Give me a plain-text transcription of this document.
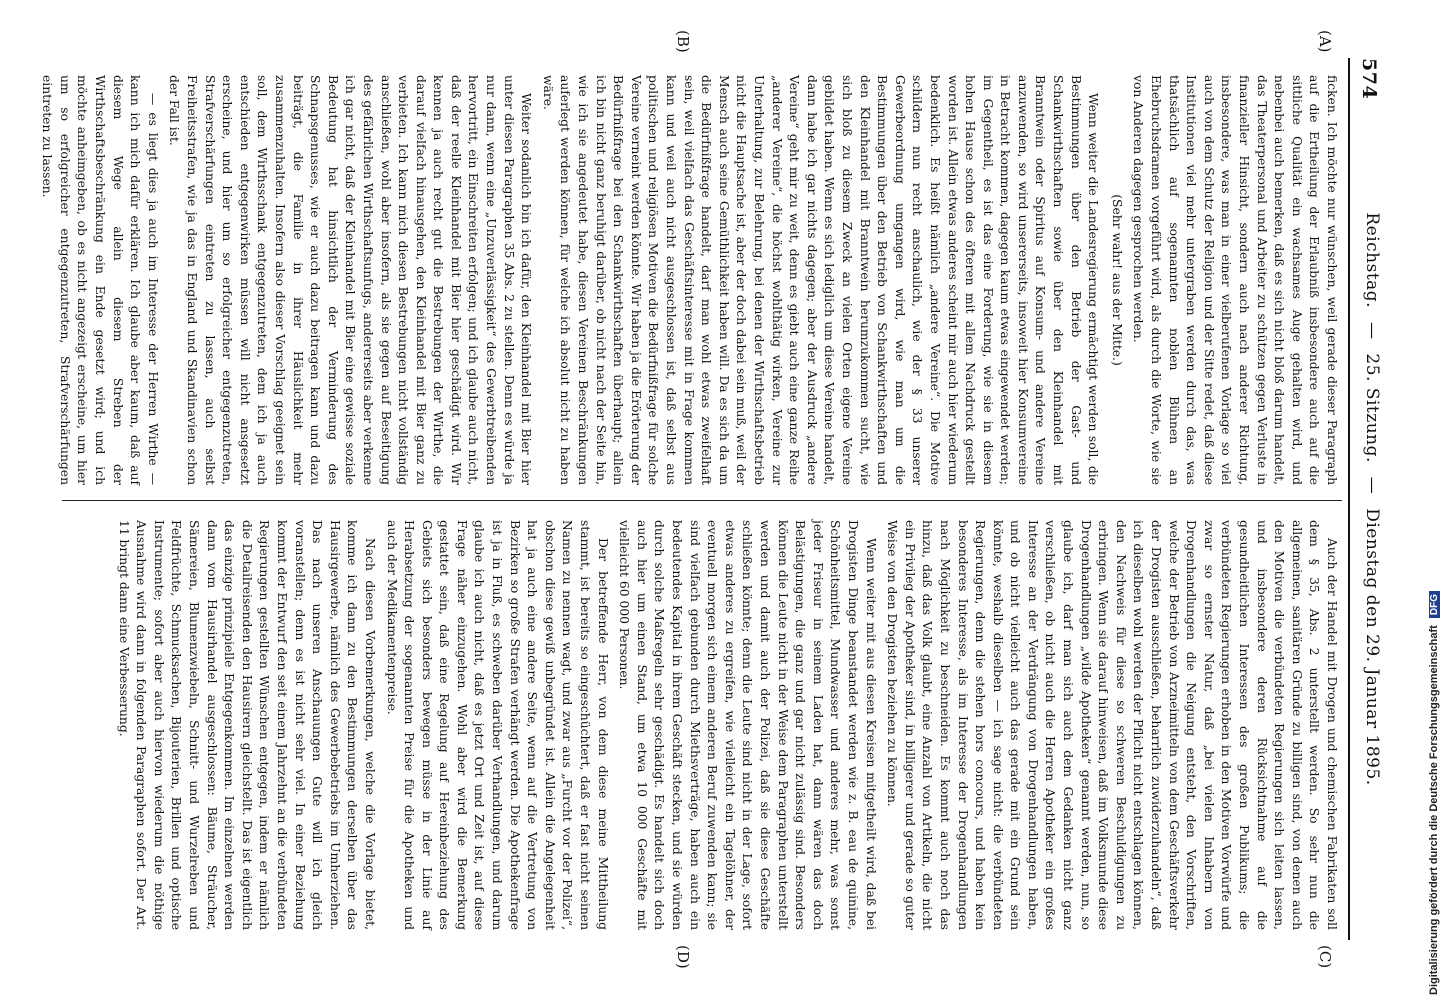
574
Reichstag. — 25. Sitzung. — Dienstag den 29. Januar 1895.
(A)
(B)
(C)
(D)

ficken. Ich möchte nur wünschen, weil gerade dieser Paragraph auf die Ertheilung der Erlaubniß insbesondere auch auf die sittliche Qualität ein wachsames Auge gehalten wird, und nebenbei auch bemerken, daß es sich nicht bloß darum handelt, das Theaterpersonal und Arbeiter zu schützen gegen Verluste in finanzieller Hinsicht, sondern auch nach anderer Richtung, insbesondere, was man in einer vielberufenen Vorlage so viel auch von dem Schutz der Religion und der Sitte redet, daß diese Institutionen viel mehr untergraben werden durch das, was thatsächlich auf sogenannten noblen Bühnen an Ehebruchsdramen vorgeführt wird, als durch die Worte, wie sie von Anderen dagegen gesprochen werden.

(Sehr wahr! aus der Mitte.)

Wenn weiter die Landesregierung ermächtigt werden soll, die Bestimmungen über den Betrieb der Gast- und Schankwirthschaften sowie über den Kleinhandel mit Branntwein oder Spiritus auf Konsum- und andere Vereine anzuwenden, so wird unsererseits, insoweit hier Konsumvereine in Betracht kommen, dagegen kaum etwas eingewendet werden; im Gegentheil, es ist das eine Forderung, wie sie in diesem hohen Hause schon des öfteren mit allem Nachdruck gestellt worden ist. Allein etwas anderes scheint mir auch hier wiederum bedenklich. Es heißt nämlich „andere Vereine“. Die Motive schildern nun recht anschaulich, wie der § 33 unserer Gewerbeordnung umgangen wird, wie man um die Bestimmungen über den Betrieb von Schankwirthschaften und den Kleinhandel mit Branntwein herumzukommen sucht, wie sich bloß zu diesem Zweck an vielen Orten eigene Vereine gebildet haben. Wenn es sich lediglich um diese Vereine handelt, dann habe ich gar nichts dagegen; aber der Ausdruck „andere Vereine“ geht mir zu weit, denn es giebt auch eine ganze Reihe „anderer Vereine“, die höchst wohlthätig wirken, Vereine zur Unterhaltung, zur Belehrung, bei denen der Wirthschaftsbetrieb nicht die Hauptsache ist, aber der doch dabei sein muß, weil der Mensch auch seine Gemüthlichkeit haben will. Da es sich da um die Bedürfnißfrage handelt, darf man wohl etwas zweifelhaft sein, weil vielfach das Geschäftsinteresse mit in Frage kommen kann und weil auch nicht ausgeschlossen ist, daß selbst aus politischen und religiösen Motiven die Bedürfnißfrage für solche Vereine verneint werden könnte. Wir haben ja die Erörterung der Bedürfnißfrage bei den Schankwirthschaften überhaupt; allein ich bin nicht ganz beruhigt darüber, ob nicht nach der Seite hin, wie ich sie angedeutet habe, diesen Vereinen Beschränkungen auferlegt werden können, für welche ich absolut nicht zu haben wäre.

Weiter sodanlich bin ich dafür, den Kleinhandel mit Bier hier unter diesen Paragraphen 35 Abs. 2 zu stellen. Denn es würde ja nur dann, wenn eine „Unzuverlässigkeit“ des Gewerbtreibenden hervortritt, ein Einschreiten erfolgen; und ich glaube auch nicht, daß der reelle Kleinhandel mit Bier hier geschädigt wird. Wir kennen ja auch recht gut die Bestrebungen der Wirthe, die darauf vielfach hinausgehen, den Kleinhandel mit Bier ganz zu verbieten. Ich kann mich diesen Bestrebungen nicht vollständig anschließen, wohl aber insofern, als sie gegen auf Beseitigung des gefährlichen Wirthschaftsunfugs, andererseits aber verkenne ich gar nicht, daß der Kleinhandel mit Bier eine gewisse soziale Bedeutung hat hinsichtlich der Verminderung des Schnapsgenusses, wie er auch dazu beitragen kann und dazu beiträgt, die Familie in ihrer Häuslichkeit mehr zusammenzuhalten. Insofern also dieser Vorschlag geeignet sein soll, dem Wirthsschank entgegenzutreten, dem ich ja auch entschieden entgegenwirken müssen will nicht ansgesetzt erscheine, und hier um so erfolgreicher entgegenzutreten, Strafverschärfungen eintreten zu lassen, auch selbst Freiheitsstrafen, wie ja das in England und Skandinavien schon der Fall ist.

— es liegt dies ja auch im Interesse der Herren Wirthe — kann ich mich dafür erklären. Ich glaube aber kaum, daß auf diesem Wege allein diesem Streben der Wirthschaftsbeschränkung ein Ende gesetzt wird; und ich möchte anheimgeben, ob es nicht angezeigt erscheine, um hier um so erfolgreicher entgegenzutreten, Strafverschärfungen eintreten zu lassen.

Auch der Handel mit Drogen und chemischen Fabrikaten soll dem § 35, Abs. 2 unterstellt werden. So sehr nun die allgemeinen, sanitären Gründe zu billigen sind, von denen auch den Motiven die verbündeten Regierungen sich leiten lassen, und insbesondere deren Rücksichtnahme auf die gesundheitlichen Interessen des großen Publikums; die verbündeten Regierungen erhoben in den Motiven Vorwürfe und zwar so ernster Natur, daß „bei vielen Inhabern von Drogenhandlungen die Neigung entsteht, den Vorschriften, welche der Betrieb von Arzneimitteln von dem Geschäftsverkehr der Drogisten ausschließen, beharrlich zuwiderzuhandeln“, daß ich dieselben wohl werden der Pflicht nicht entschlagen können, den Nachweis für diese so schweren Beschuldigungen zu erbringen. Wenn sie darauf hinweisen, daß im Volksmunde diese Drogenhandlungen „wilde Apotheken“ genannt werden, nun, so glaube ich, darf man sich auch dem Gedanken nicht ganz verschließen, ob nicht auch die Herren Apotheker ein großes Interesse an der Verdrängung von Drogenhandlungen haben, und ob nicht vielleicht auch das gerade mit ein Grund sein könnte, weshalb dieselben — ich sage nicht: die verbündeten Regierungen, denn die stehen hors concours, und haben kein besonderes Interesse, als im Interesse der Drogenhandlungen nach Möglichkeit zu beschneiden. Es kommt auch noch das hinzu, daß das Volk glaubt, eine Anzahl von Artikeln, die nicht ein Privileg der Apotheker sind, in billigerer und gerade so guter Weise von den Drogisten beziehen zu können.

Wenn weiter mit aus diesen Kreisen mitgetheilt wird, daß bei Drogisten Dinge beanstandet werden wie z. B. eau de quinine, Schönheitsmittel, Mundwasser und anderes mehr, was sonst jeder Friseur in seinem Laden hat, dann wären das doch Belästigungen, die ganz und gar nicht zulässig sind. Besonders können die Leute nicht in der Weise dem Paragraphen unterstellt werden und damit auch der Polizei, daß sie diese Geschäfte schließen könnte; denn die Leute sind nicht in der Lage, sofort etwas anderes zu ergreifen, wie vielleicht ein Tagelöhner, der eventuell morgen sich einem anderen Beruf zuwenden kann; sie sind vielfach gebunden durch Miethsverträge, haben auch ein bedeutendes Kapital in ihrem Geschäft stecken, und sie würden durch solche Maßregeln sehr geschädigt. Es handelt sich doch auch hier um einen Stand, um etwa 10 000 Geschäfte mit vielleicht 60 000 Personen.

Der betreffende Herr, von dem diese meine Mittheilung stammt, ist bereits so eingeschüchtert, daß er fast nicht seinen Namen zu nennen wagt, und zwar aus „Furcht vor der Polizei“, obschon diese gewiß unbegründet ist. Allein die Angelegenheit hat ja auch eine andere Seite, wenn auf die Vertretung von Bezirken so große Strafen verhängt werden. Die Apothekenfrage ist ja in Fluß, es schweben darüber Verhandlungen, und darum glaube ich auch nicht, daß es jetzt Ort und Zeit ist, auf diese Frage näher einzugehen. Wohl aber wird die Bemerkung gestattet sein, daß eine Regelung auf Hereinbeziehung des Gebiets sich besonders bewegen müsse in der Linie auf Herabsetzung der sogenannten Preise für die Apotheken und auch der Medikamentenpreise.

Nach diesen Vorbemerkungen, welche die Vorlage bietet, komme ich dann zu den Bestimmungen derselben über das Hausirgewerbe, nämlich des Gewerbebetriebs im Umherziehen. Das nach unseren Anschauungen Gute will ich gleich voranstellen; denn es ist nicht sehr viel. In einer Beziehung kommt der Entwurf den seit einem Jahrzehnt an die verbündeten Regierungen gestellten Wünschen entgegen, indem er nämlich die Detailreisenden den Hausirern gleichstellt. Das ist eigentlich das einzige prinzipielle Entgegenkommen. Im einzelnen werden dann vom Hausirhandel ausgeschlossen: Bäume, Sträucher, Sämereien, Blumenzwiebeln, Schnitt- und Wurzelreben und Feldfrüchte, Schmucksachen, Bijouterien, Brillen und optische Instrumente; sofort aber auch hiervon wiederum die nöthige Ausnahme wird dann in folgenden Paragraphen sofort. Der Art. 11 bringt dann eine Verbesserung.	Digitalisierung gefördert durch die Deutsche Forschungsgemeinschaft DFG
